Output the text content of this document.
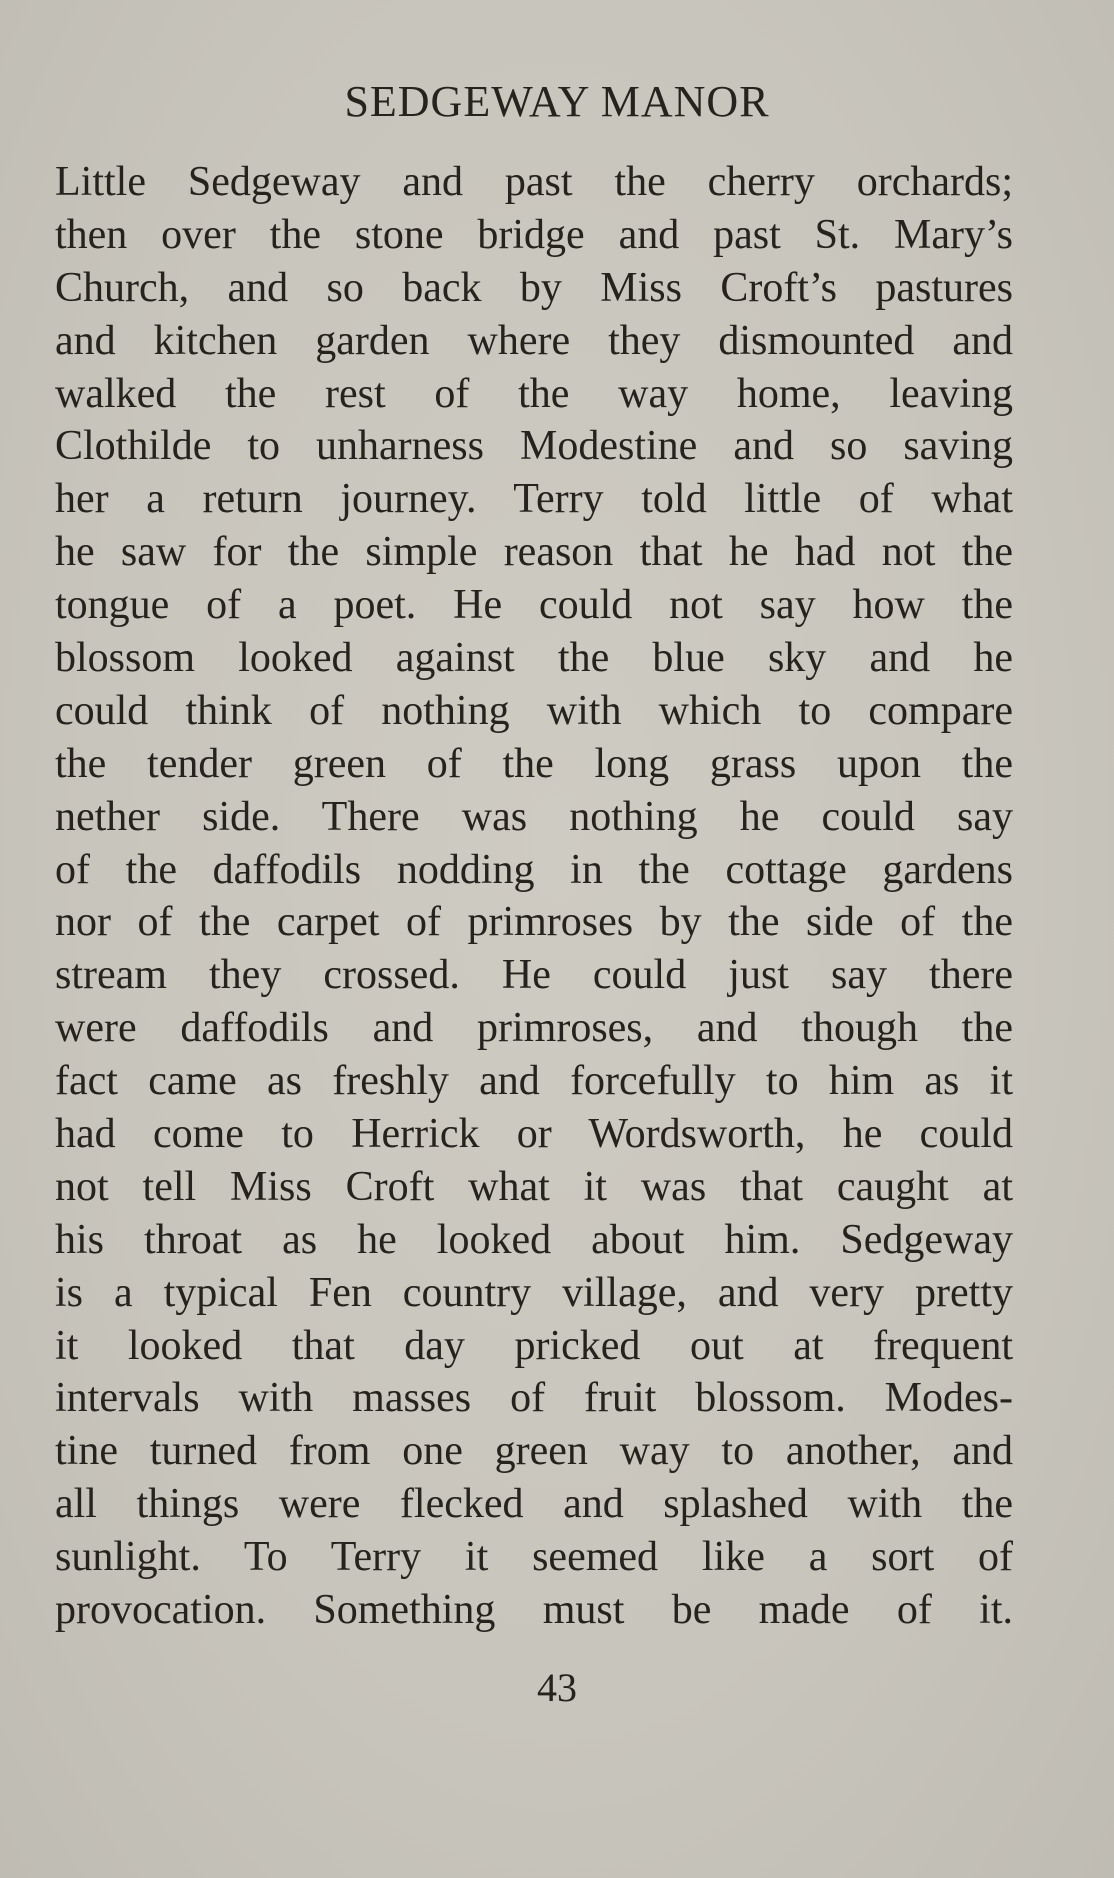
SEDGEWAY MANOR
Little Sedgeway and past the cherry orchards;
then over the stone bridge and past St. Mary’s
Church, and so back by Miss Croft’s pastures
and kitchen garden where they dismounted and
walked the rest of the way home, leaving
Clothilde to unharness Modestine and so saving
her a return journey. Terry told little of what
he saw for the simple reason that he had not the
tongue of a poet. He could not say how the
blossom looked against the blue sky and he
could think of nothing with which to compare
the tender green of the long grass upon the
nether side. There was nothing he could say
of the daffodils nodding in the cottage gardens
nor of the carpet of primroses by the side of the
stream they crossed. He could just say there
were daffodils and primroses, and though the
fact came as freshly and forcefully to him as it
had come to Herrick or Wordsworth, he could
not tell Miss Croft what it was that caught at
his throat as he looked about him. Sedgeway
is a typical Fen country village, and very pretty
it looked that day pricked out at frequent
intervals with masses of fruit blossom. Modes-
tine turned from one green way to another, and
all things were flecked and splashed with the
sunlight. To Terry it seemed like a sort of
provocation. Something must be made of it.

43
